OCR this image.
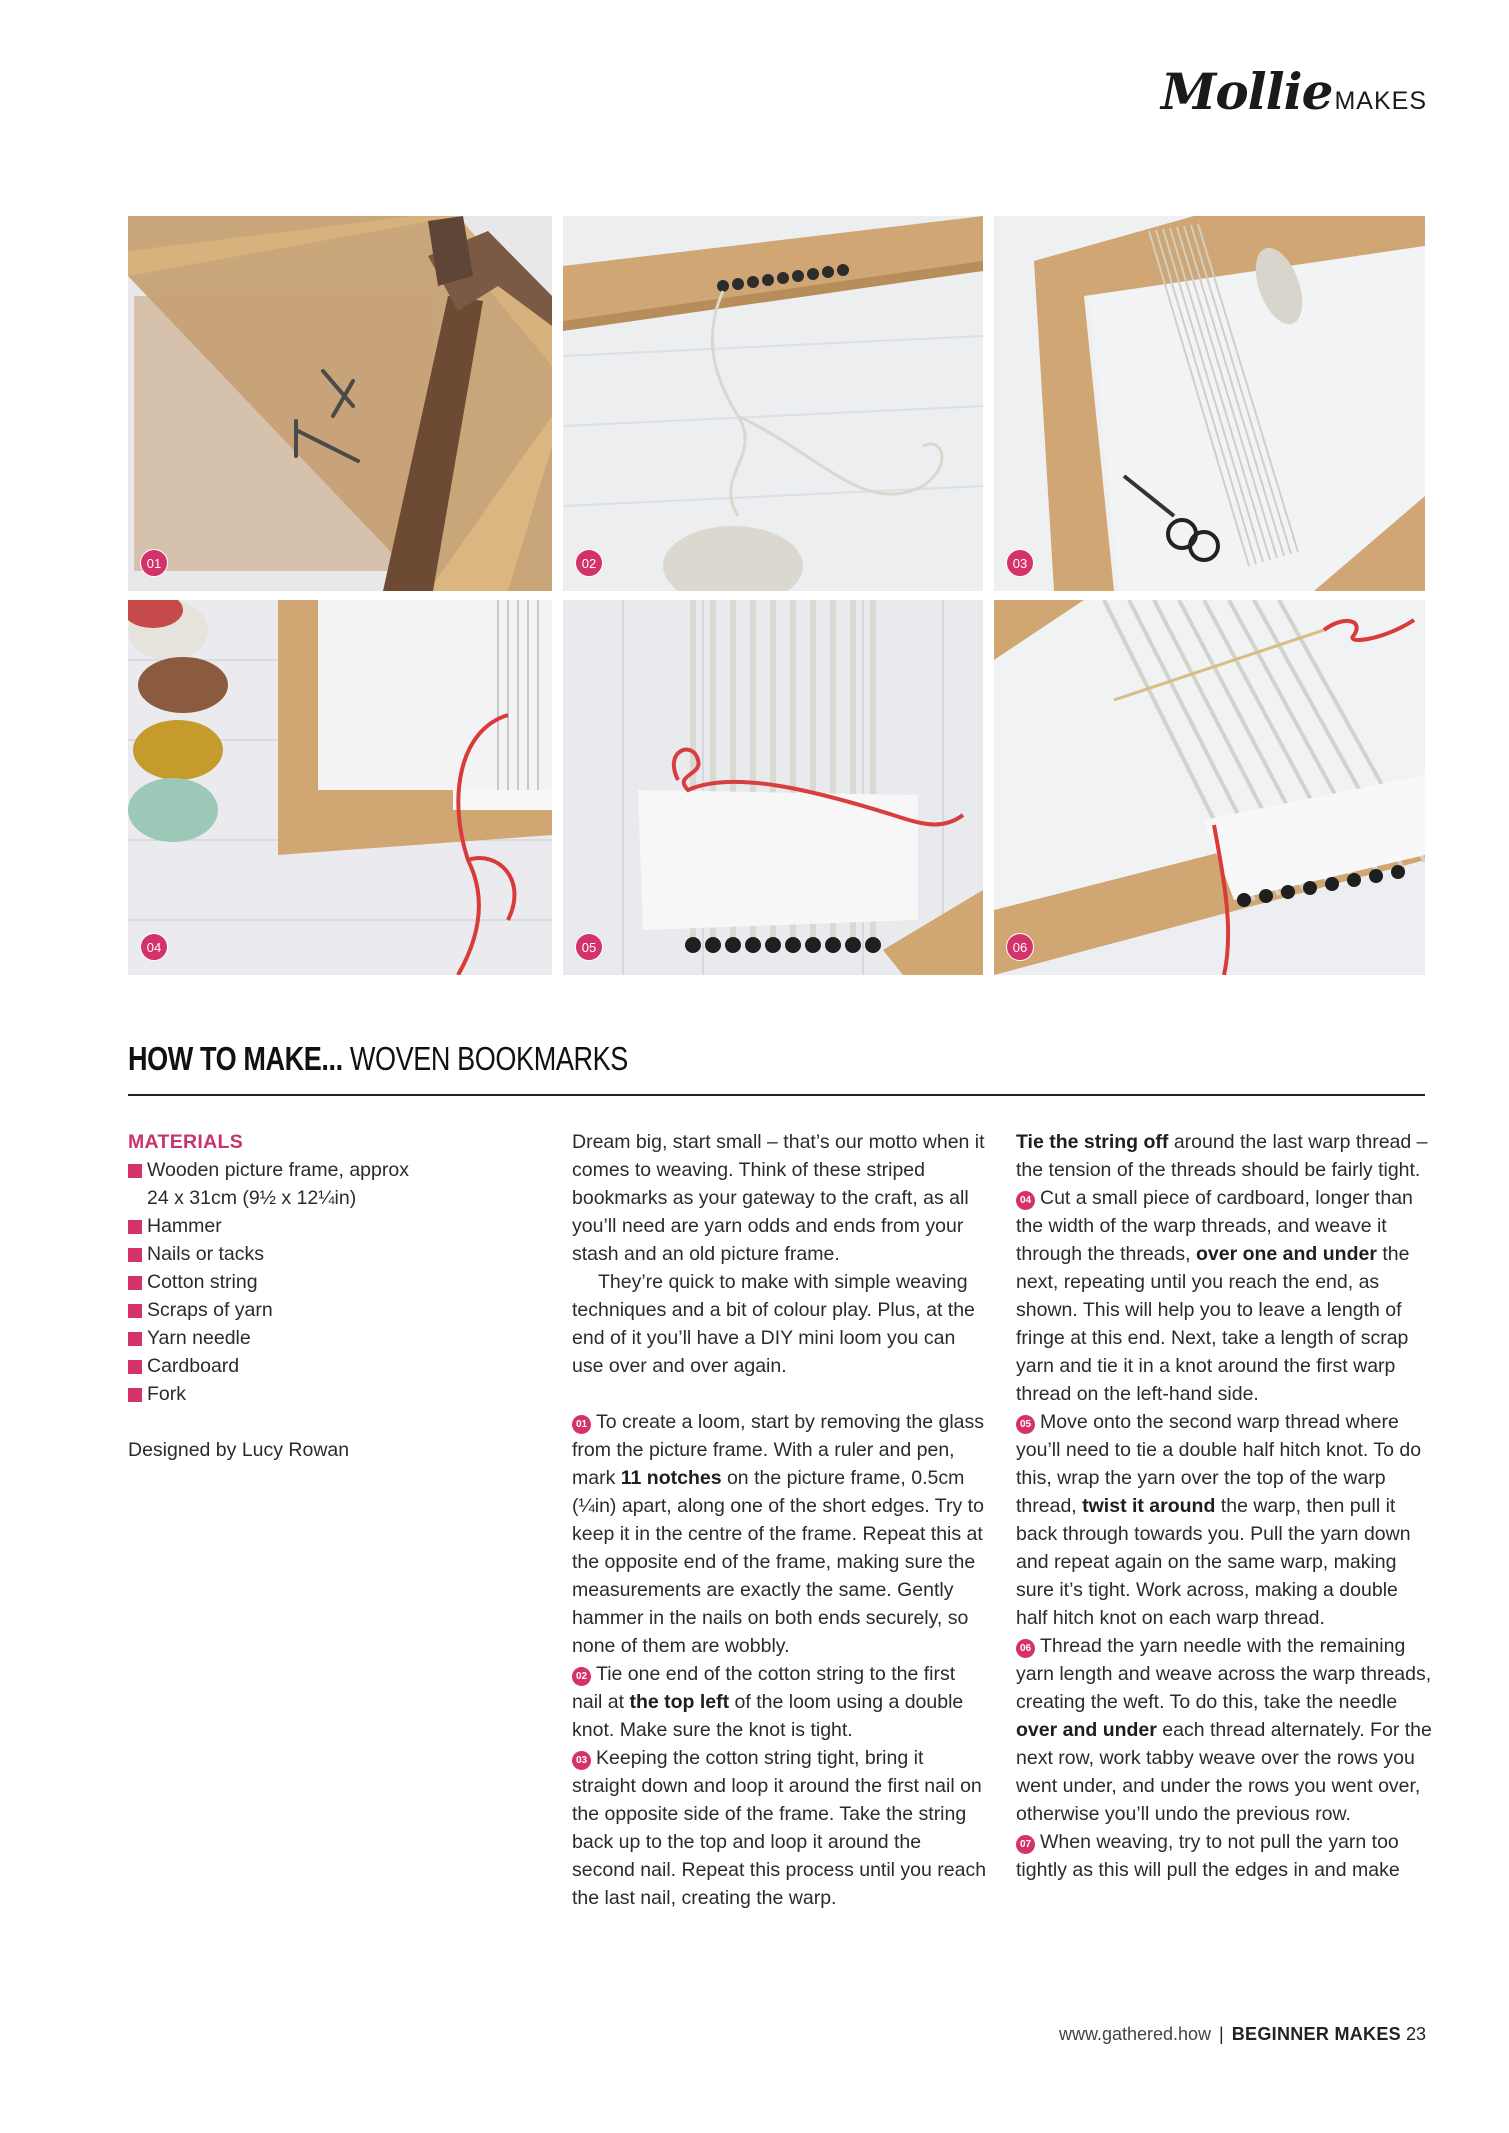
Mollie MAKES
01	02	03
04	05	06
HOW TO MAKE... WOVEN BOOKMARKS
MATERIALS
Wooden picture frame, approx 24 x 31cm (9½ x 12¼in)
Hammer
Nails or tacks
Cotton string
Scraps of yarn
Yarn needle
Cardboard
Fork
Designed by Lucy Rowan

Dream big, start small – that’s our motto when it comes to weaving. Think of these striped bookmarks as your gateway to the craft, as all you’ll need are yarn odds and ends from your stash and an old picture frame.

They’re quick to make with simple weaving techniques and a bit of colour play. Plus, at the end of it you’ll have a DIY mini loom you can use over and over again.

01 To create a loom, start by removing the glass from the picture frame. With a ruler and pen, mark 11 notches on the picture frame, 0.5cm (¼in) apart, along one of the short edges. Try to keep it in the centre of the frame. Repeat this at the opposite end of the frame, making sure the measurements are exactly the same. Gently hammer in the nails on both ends securely, so none of them are wobbly.

02 Tie one end of the cotton string to the first nail at the top left of the loom using a double knot. Make sure the knot is tight.

03 Keeping the cotton string tight, bring it straight down and loop it around the first nail on the opposite side of the frame. Take the string back up to the top and loop it around the second nail. Repeat this process until you reach the last nail, creating the warp.

Tie the string off around the last warp thread – the tension of the threads should be fairly tight.

04 Cut a small piece of cardboard, longer than the width of the warp threads, and weave it through the threads, over one and under the next, repeating until you reach the end, as shown. This will help you to leave a length of fringe at this end. Next, take a length of scrap yarn and tie it in a knot around the first warp thread on the left-hand side.

05 Move onto the second warp thread where you’ll need to tie a double half hitch knot. To do this, wrap the yarn over the top of the warp thread, twist it around the warp, then pull it back through towards you. Pull the yarn down and repeat again on the same warp, making sure it’s tight. Work across, making a double half hitch knot on each warp thread.

06 Thread the yarn needle with the remaining yarn length and weave across the warp threads, creating the weft. To do this, take the needle over and under each thread alternately. For the next row, work tabby weave over the rows you went under, and under the rows you went over, otherwise you’ll undo the previous row.

07 When weaving, try to not pull the yarn too tightly as this will pull the edges in and make

www.gathered.how | BEGINNER MAKES 23
